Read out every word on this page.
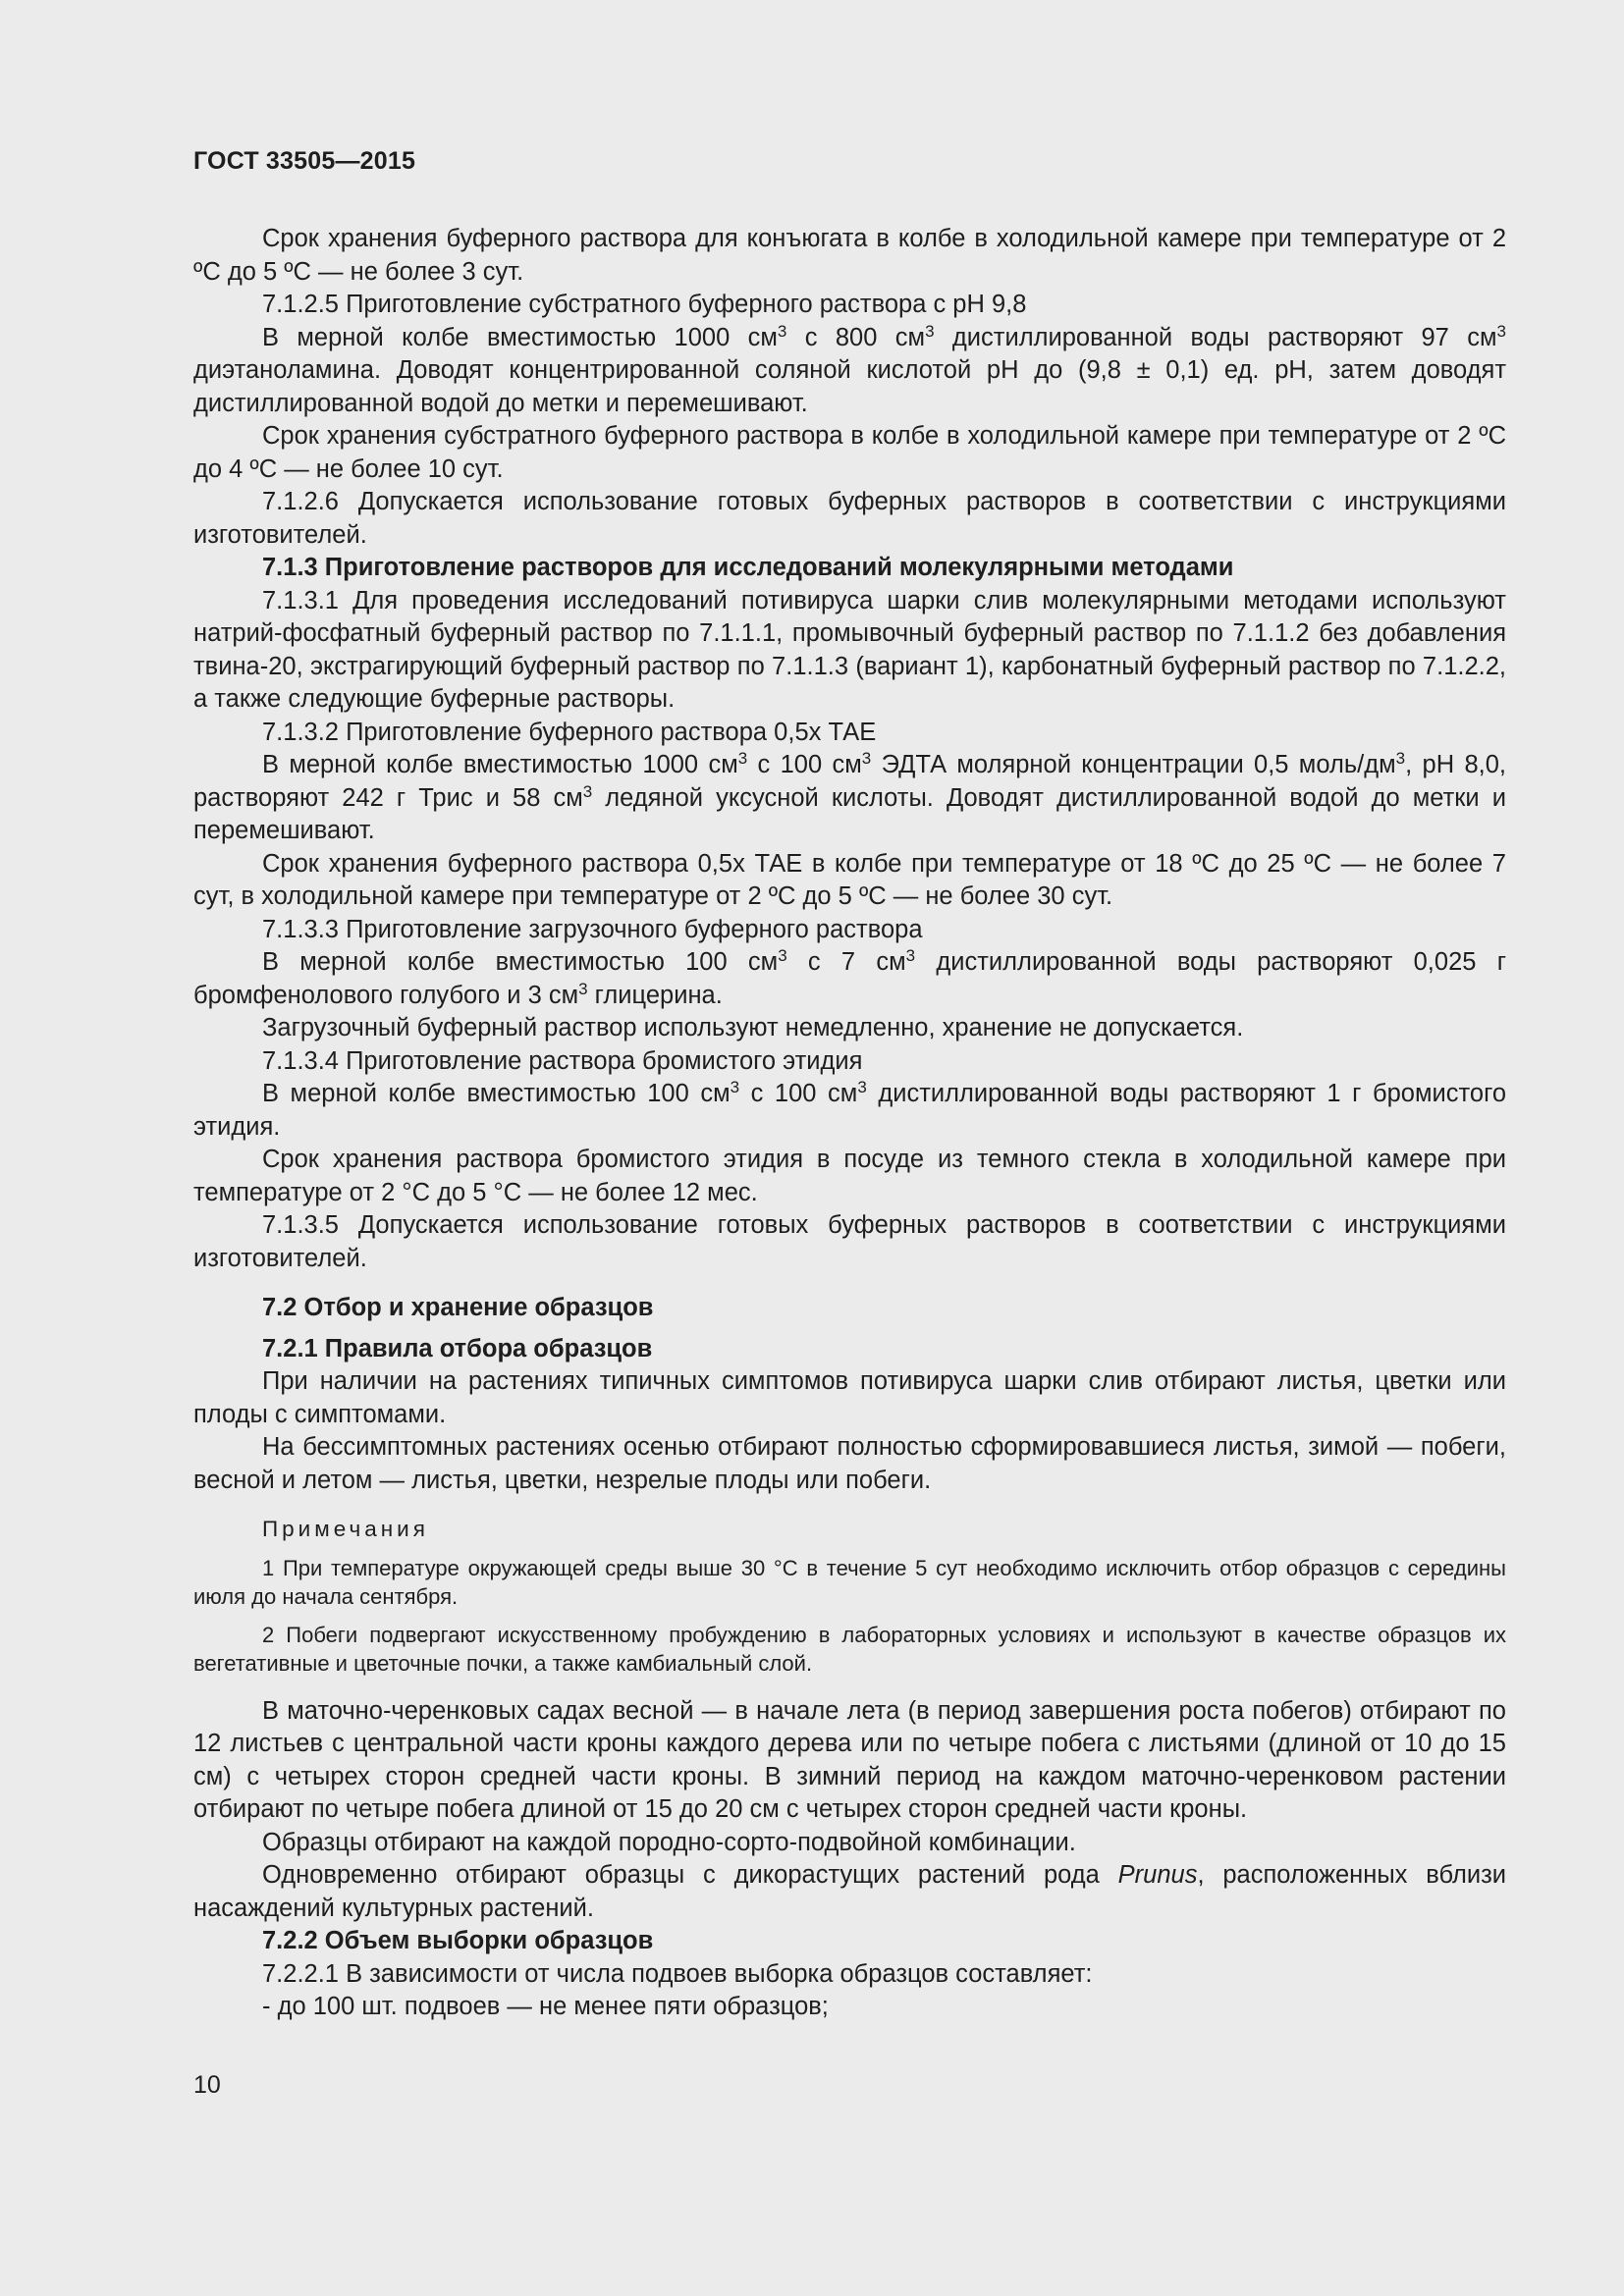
ГОСТ 33505—2015

Срок хранения буферного раствора для конъюгата в колбе в холодильной камере при температуре от 2 ºС до 5 ºС — не более 3 сут.

7.1.2.5 Приготовление субстратного буферного раствора с pH 9,8

В мерной колбе вместимостью 1000 $см^3$ с 800 $см^3$ дистиллированной воды растворяют 97 $см^3$ диэтаноламина. Доводят концентрированной соляной кислотой pH до (9,8 ± 0,1) ед. pH, затем доводят дистиллированной водой до метки и перемешивают.

Срок хранения субстратного буферного раствора в колбе в холодильной камере при температуре от 2 ºС до 4 ºС — не более 10 сут.

7.1.2.6 Допускается использование готовых буферных растворов в соответствии с инструкциями изготовителей.

7.1.3 Приготовление растворов для исследований молекулярными методами

7.1.3.1 Для проведения исследований потивируса шарки слив молекулярными методами используют натрий-фосфатный буферный раствор по 7.1.1.1, промывочный буферный раствор по 7.1.1.2 без добавления твина-20, экстрагирующий буферный раствор по 7.1.1.3 (вариант 1), карбонатный буферный раствор по 7.1.2.2, а также следующие буферные растворы.

7.1.3.2 Приготовление буферного раствора 0,5х ТАЕ

В мерной колбе вместимостью 1000 $см^3$ с 100 $см^3$ ЭДТА молярной концентрации 0,5 моль/$дм^3$, рН 8,0, растворяют 242 г Трис и 58 $см^3$ ледяной уксусной кислоты. Доводят дистиллированной водой до метки и перемешивают.

Срок хранения буферного раствора 0,5х ТАЕ в колбе при температуре от 18 ºС до 25 ºС — не более 7 сут, в холодильной камере при температуре от 2 ºС до 5 ºС — не более 30 сут.

7.1.3.3 Приготовление загрузочного буферного раствора

В мерной колбе вместимостью 100 $см^3$ с 7 $см^3$ дистиллированной воды растворяют 0,025 г бромфенолового голубого и 3 $см^3$ глицерина.

Загрузочный буферный раствор используют немедленно, хранение не допускается.

7.1.3.4 Приготовление раствора бромистого этидия

В мерной колбе вместимостью 100 $см^3$ с 100 $см^3$ дистиллированной воды растворяют 1 г бромистого этидия.

Срок хранения раствора бромистого этидия в посуде из темного стекла в холодильной камере при температуре от 2 °С до 5 °С — не более 12 мес.

7.1.3.5 Допускается использование готовых буферных растворов в соответствии с инструкциями изготовителей.

7.2 Отбор и хранение образцов

7.2.1 Правила отбора образцов

При наличии на растениях типичных симптомов потивируса шарки слив отбирают листья, цветки или плоды с симптомами.

На бессимптомных растениях осенью отбирают полностью сформировавшиеся листья, зимой — побеги, весной и летом — листья, цветки, незрелые плоды или побеги.

Примечания

1 При температуре окружающей среды выше 30 °С в течение 5 сут необходимо исключить отбор образцов с середины июля до начала сентября.

2 Побеги подвергают искусственному пробуждению в лабораторных условиях и используют в качестве образцов их вегетативные и цветочные почки, а также камбиальный слой.

В маточно-черенковых садах весной — в начале лета (в период завершения роста побегов) отбирают по 12 листьев с центральной части кроны каждого дерева или по четыре побега с листьями (длиной от 10 до 15 см) с четырех сторон средней части кроны. В зимний период на каждом маточно-черенковом растении отбирают по четыре побега длиной от 15 до 20 см с четырех сторон средней части кроны.

Образцы отбирают на каждой породно-сорто-подвойной комбинации.

Одновременно отбирают образцы с дикорастущих растений рода Prunus, расположенных вблизи насаждений культурных растений.

7.2.2 Объем выборки образцов

7.2.2.1 В зависимости от числа подвоев выборка образцов составляет:

- до 100 шт. подвоев — не менее пяти образцов;

10
